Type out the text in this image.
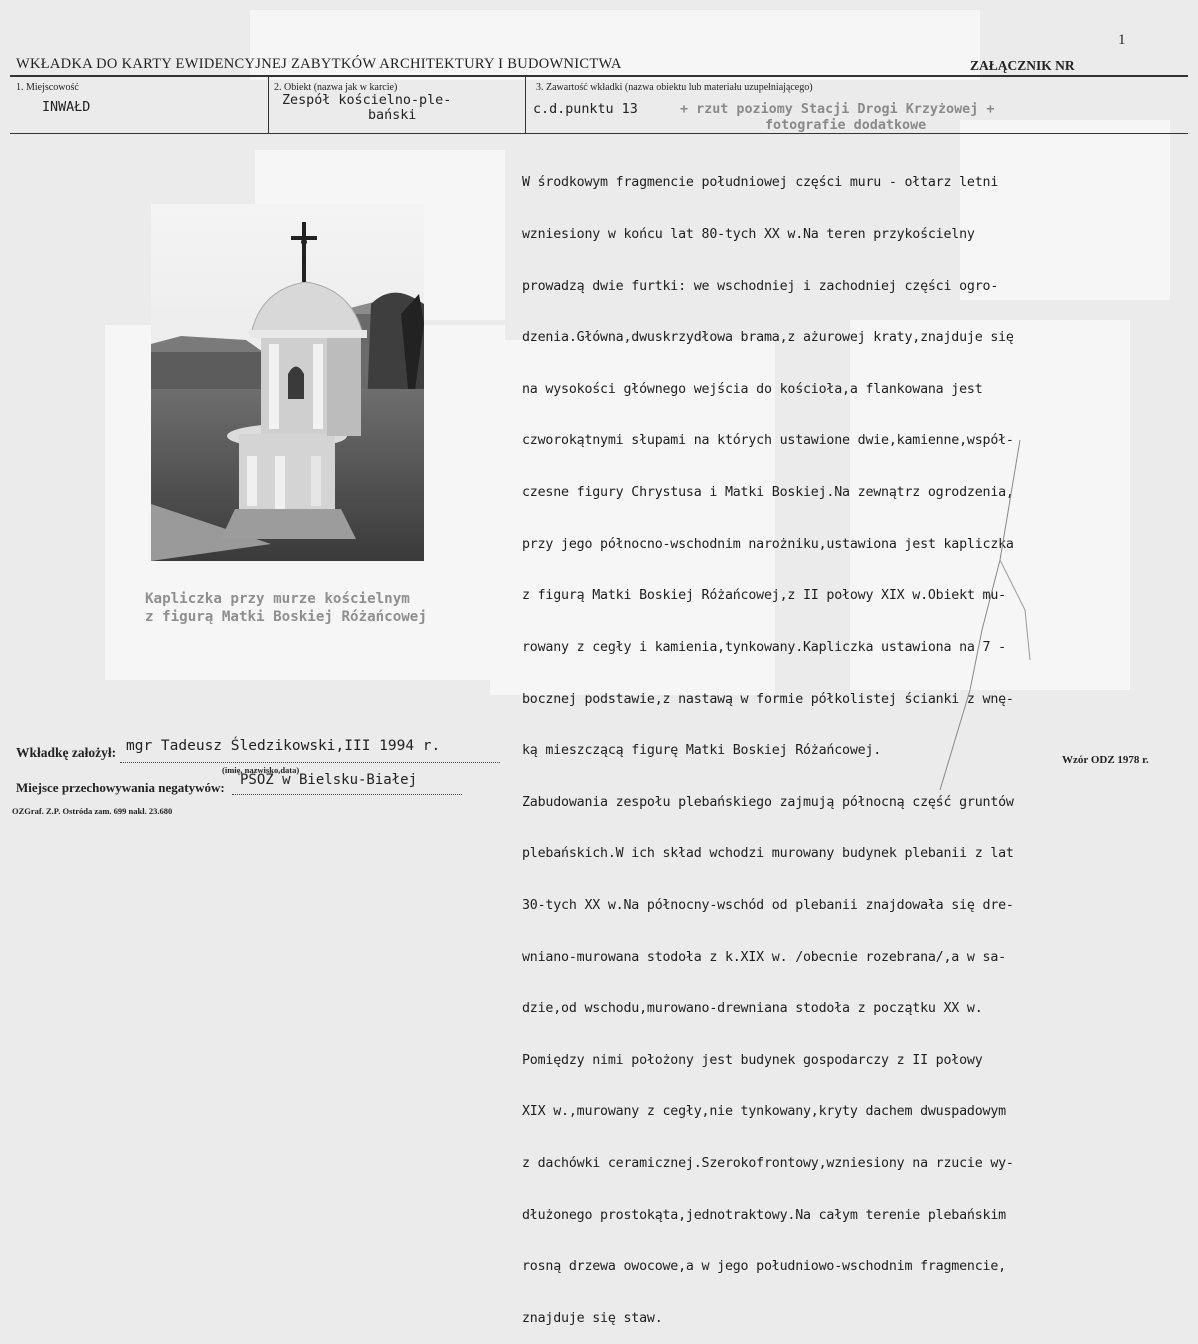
1
WKŁADKA DO KARTY EWIDENCYJNEJ ZABYTKÓW ARCHITEKTURY I BUDOWNICTWA	ZAŁĄCZNIK NR
1. Miejscowość
INWAŁD
2. Obiekt (nazwa jak w karcie)
Zespół kościelno-ple-
bański
3. Zawartość wkładki (nazwa obiektu lub materiału uzupełniającego)
c.d.punktu 13	+ rzut poziomy Stacji Drogi Krzyżowej +
fotografie dodatkowe

W środkowym fragmencie południowej części muru - ołtarz letni

wzniesiony w końcu lat 80-tych XX w.Na teren przykościelny

prowadzą dwie furtki: we wschodniej i zachodniej części ogro-

dzenia.Główna,dwuskrzydłowa brama,z ażurowej kraty,znajduje się

na wysokości głównego wejścia do kościoła,a flankowana jest

czworokątnymi słupami na których ustawione dwie,kamienne,współ-

czesne figury Chrystusa i Matki Boskiej.Na zewnątrz ogrodzenia,

przy jego północno-wschodnim narożniku,ustawiona jest kapliczka

z figurą Matki Boskiej Różańcowej,z II połowy XIX w.Obiekt mu-

rowany z cegły i kamienia,tynkowany.Kapliczka ustawiona na 7 -

bocznej podstawie,z nastawą w formie półkolistej ścianki z wnę-

ką mieszczącą figurę Matki Boskiej Różańcowej.

Zabudowania zespołu plebańskiego zajmują północną część gruntów

plebańskich.W ich skład wchodzi murowany budynek plebanii z lat

30-tych XX w.Na północny-wschód od plebanii znajdowała się dre-

wniano-murowana stodoła z k.XIX w. /obecnie rozebrana/,a w sa-

dzie,od wschodu,murowano-drewniana stodoła z początku XX w.

Pomiędzy nimi położony jest budynek gospodarczy z II połowy

XIX w.,murowany z cegły,nie tynkowany,kryty dachem dwuspadowym

z dachówki ceramicznej.Szerokofrontowy,wzniesiony na rzucie wy-

dłużonego prostokąta,jednotraktowy.Na całym terenie plebańskim

rosną drzewa owocowe,a w jego południowo-wschodnim fragmencie,

znajduje się staw.

Kapliczka przy murze kościelnym
z figurą Matki Boskiej Różańcowej
Wkładkę założył: mgr Tadeusz Śledzikowski,III 1994 r.
(imię, nazwisko,data)
Miejsce przechowywania negatywów: PSOZ w Bielsku-Białej
OZGraf. Z.P. Ostróda zam. 699 nakł. 23.680
Wzór ODZ 1978 r.
